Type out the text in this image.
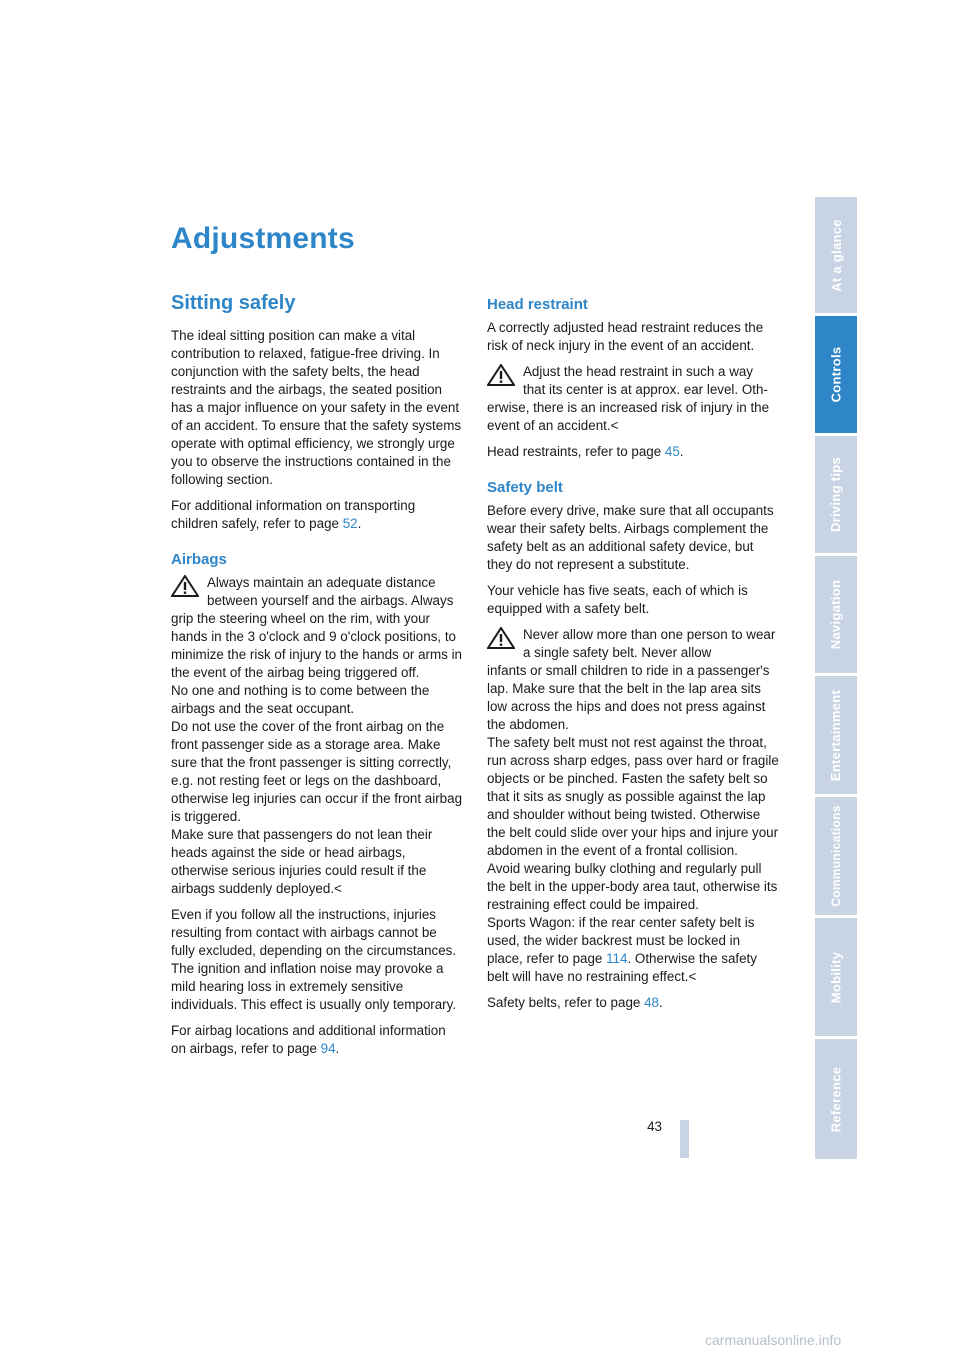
Adjustments
Sitting safely

The ideal sitting position can make a vital contribution to relaxed, fatigue-free driving. In conjunction with the safety belts, the head restraints and the airbags, the seated position has a major influence on your safety in the event of an accident. To ensure that the safety systems operate with optimal efficiency, we strongly urge you to observe the instructions contained in the following section.

For additional information on transporting children safely, refer to page 52.

Airbags

Always maintain an adequate distance between yourself and the airbags. Always

grip the steering wheel on the rim, with your hands in the 3 o'clock and 9 o'clock positions, to minimize the risk of injury to the hands or arms in the event of the airbag being triggered off.

No one and nothing is to come between the airbags and the seat occupant.

Do not use the cover of the front airbag on the front passenger side as a storage area. Make sure that the front passenger is sitting correctly, e.g. not resting feet or legs on the dashboard, otherwise leg injuries can occur if the front airbag is triggered.

Make sure that passengers do not lean their heads against the side or head airbags, otherwise serious injuries could result if the airbags suddenly deployed.<

Even if you follow all the instructions, injuries resulting from contact with airbags cannot be fully excluded, depending on the circumstances. The ignition and inflation noise may provoke a mild hearing loss in extremely sensitive individuals. This effect is usually only temporary.

For airbag locations and additional information on airbags, refer to page 94.

Head restraint

A correctly adjusted head restraint reduces the risk of neck injury in the event of an accident.

Adjust the head restraint in such a way that its center is at approx. ear level. Oth-

erwise, there is an increased risk of injury in the event of an accident.<

Head restraints, refer to page 45.

Safety belt

Before every drive, make sure that all occupants wear their safety belts. Airbags complement the safety belt as an additional safety device, but they do not represent a substitute.

Your vehicle has five seats, each of which is equipped with a safety belt.

Never allow more than one person to wear a single safety belt. Never allow

infants or small children to ride in a passenger's lap. Make sure that the belt in the lap area sits low across the hips and does not press against the abdomen.

The safety belt must not rest against the throat, run across sharp edges, pass over hard or fragile objects or be pinched. Fasten the safety belt so that it sits as snugly as possible against the lap and shoulder without being twisted. Otherwise the belt could slide over your hips and injure your abdomen in the event of a frontal collision.

Avoid wearing bulky clothing and regularly pull the belt in the upper-body area taut, otherwise its restraining effect could be impaired.

Sports Wagon: if the rear center safety belt is used, the wider backrest must be locked in place, refer to page 114. Otherwise the safety belt will have no restraining effect.<

Safety belts, refer to page 48.

At a glance
Controls
Driving tips
Navigation
Entertainment
Communications
Mobility
Reference
43
carmanualsonline.info
